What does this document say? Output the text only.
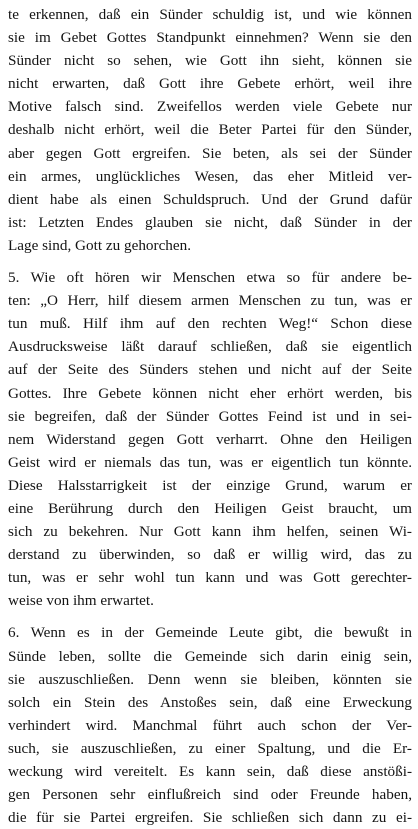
te erkennen, daß ein Sünder schuldig ist, und wie können
sie im Gebet Gottes Standpunkt einnehmen? Wenn sie den
Sünder nicht so sehen, wie Gott ihn sieht, können sie
nicht erwarten, daß Gott ihre Gebete erhört, weil ihre
Motive falsch sind. Zweifellos werden viele Gebete nur
deshalb nicht erhört, weil die Beter Partei für den Sünder,
aber gegen Gott ergreifen. Sie beten, als sei der Sünder
ein armes, unglückliches Wesen, das eher Mitleid ver-
dient habe als einen Schuldspruch. Und der Grund dafür
ist: Letzten Endes glauben sie nicht, daß Sünder in der
Lage sind, Gott zu gehorchen.
5. Wie oft hören wir Menschen etwa so für andere be-
ten: „O Herr, hilf diesem armen Menschen zu tun, was er
tun muß. Hilf ihm auf den rechten Weg!“ Schon diese
Ausdrucksweise läßt darauf schließen, daß sie eigentlich
auf der Seite des Sünders stehen und nicht auf der Seite
Gottes. Ihre Gebete können nicht eher erhört werden, bis
sie begreifen, daß der Sünder Gottes Feind ist und in sei-
nem Widerstand gegen Gott verharrt. Ohne den Heiligen
Geist wird er niemals das tun, was er eigentlich tun könnte.
Diese Halsstarrigkeit ist der einzige Grund, warum er
eine Berührung durch den Heiligen Geist braucht, um
sich zu bekehren. Nur Gott kann ihm helfen, seinen Wi-
derstand zu überwinden, so daß er willig wird, das zu
tun, was er sehr wohl tun kann und was Gott gerechter-
weise von ihm erwartet.
6. Wenn es in der Gemeinde Leute gibt, die bewußt in
Sünde leben, sollte die Gemeinde sich darin einig sein,
sie auszuschließen. Denn wenn sie bleiben, könnten sie
solch ein Stein des Anstoßes sein, daß eine Erweckung
verhindert wird. Manchmal führt auch schon der Ver-
such, sie auszuschließen, zu einer Spaltung, und die Er-
weckung wird vereitelt. Es kann sein, daß diese anstößi-
gen Personen sehr einflußreich sind oder Freunde haben,
die für sie Partei ergreifen. Sie schließen sich dann zu ei-
